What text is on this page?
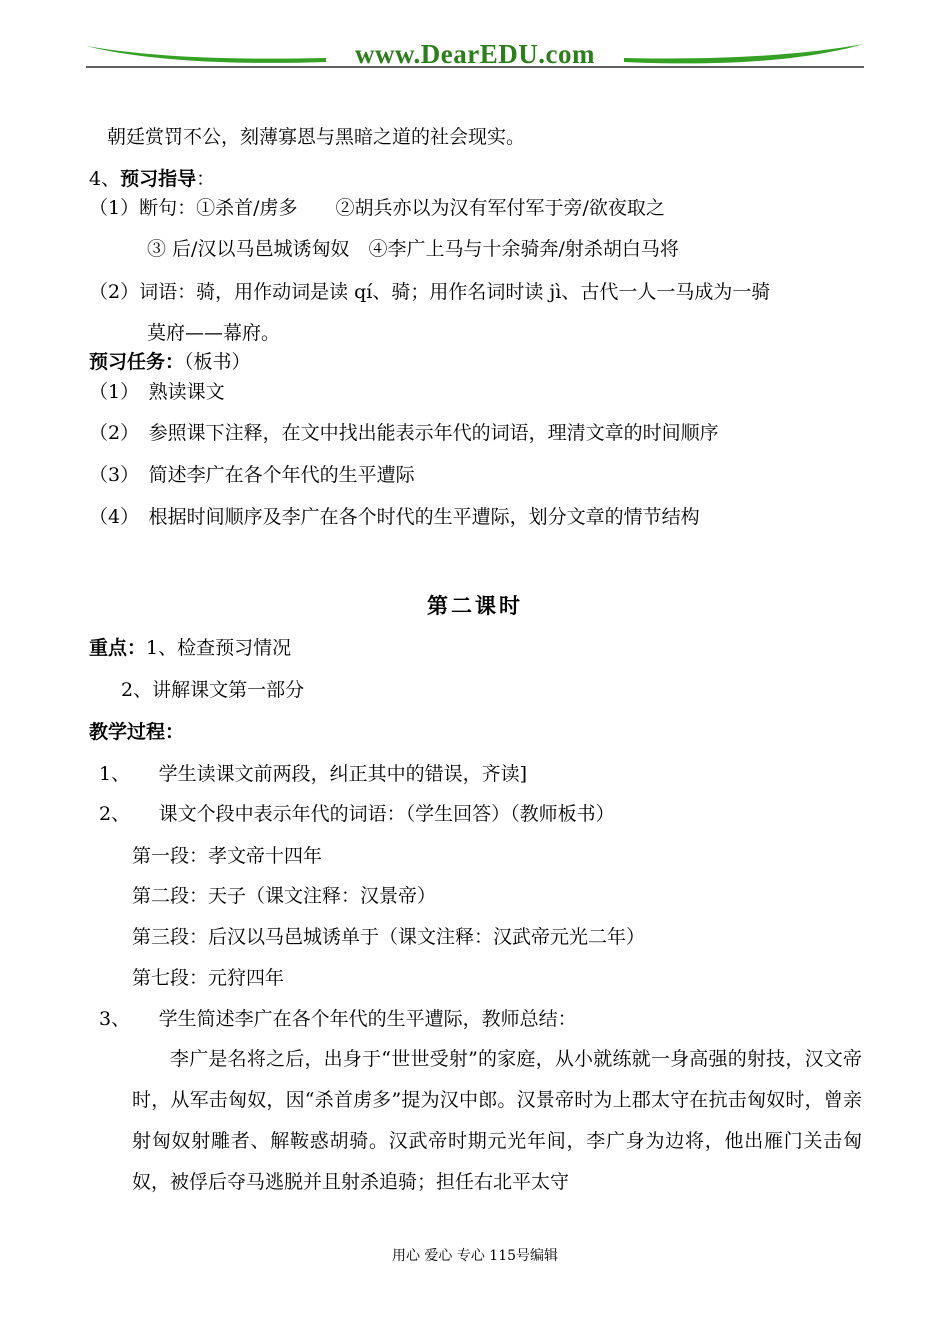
www.DearEDU.com
朝廷赏罚不公，刻薄寡恩与黑暗之道的社会现实。
4、预习指导：
（1）断句：①杀首/虏多　　②胡兵亦以为汉有军付军于旁/欲夜取之
③ 后/汉以马邑城诱匈奴　④李广上马与十余骑奔/射杀胡白马将
（2）词语：骑，用作动词是读 qí、骑；用作名词时读 jì、古代一人一马成为一骑
莫府——幕府。
预习任务：（板书）
（1）　熟读课文
（2）　参照课下注释，在文中找出能表示年代的词语，理清文章的时间顺序
（3）　简述李广在各个年代的生平遭际
（4）　根据时间顺序及李广在各个时代的生平遭际，划分文章的情节结构
第二课时
重点：1、检查预习情况
2、讲解课文第一部分
教学过程：
1、　　学生读课文前两段，纠正其中的错误，齐读]
2、　　课文个段中表示年代的词语：（学生回答）（教师板书）
第一段：孝文帝十四年
第二段：天子（课文注释：汉景帝）
第三段：后汉以马邑城诱单于（课文注释：汉武帝元光二年）
第七段：元狩四年
3、　　学生简述李广在各个年代的生平遭际，教师总结：
李广是名将之后，出身于“世世受射”的家庭，从小就练就一身高强的射技，汉文帝时，从军击匈奴，因“杀首虏多”提为汉中郎。汉景帝时为上郡太守在抗击匈奴时，曾亲射匈奴射雕者、解鞍惑胡骑。汉武帝时期元光年间，李广身为边将，他出雁门关击匈奴，被俘后夺马逃脱并且射杀追骑；担任右北平太守
用心 爱心 专心 115号编辑
